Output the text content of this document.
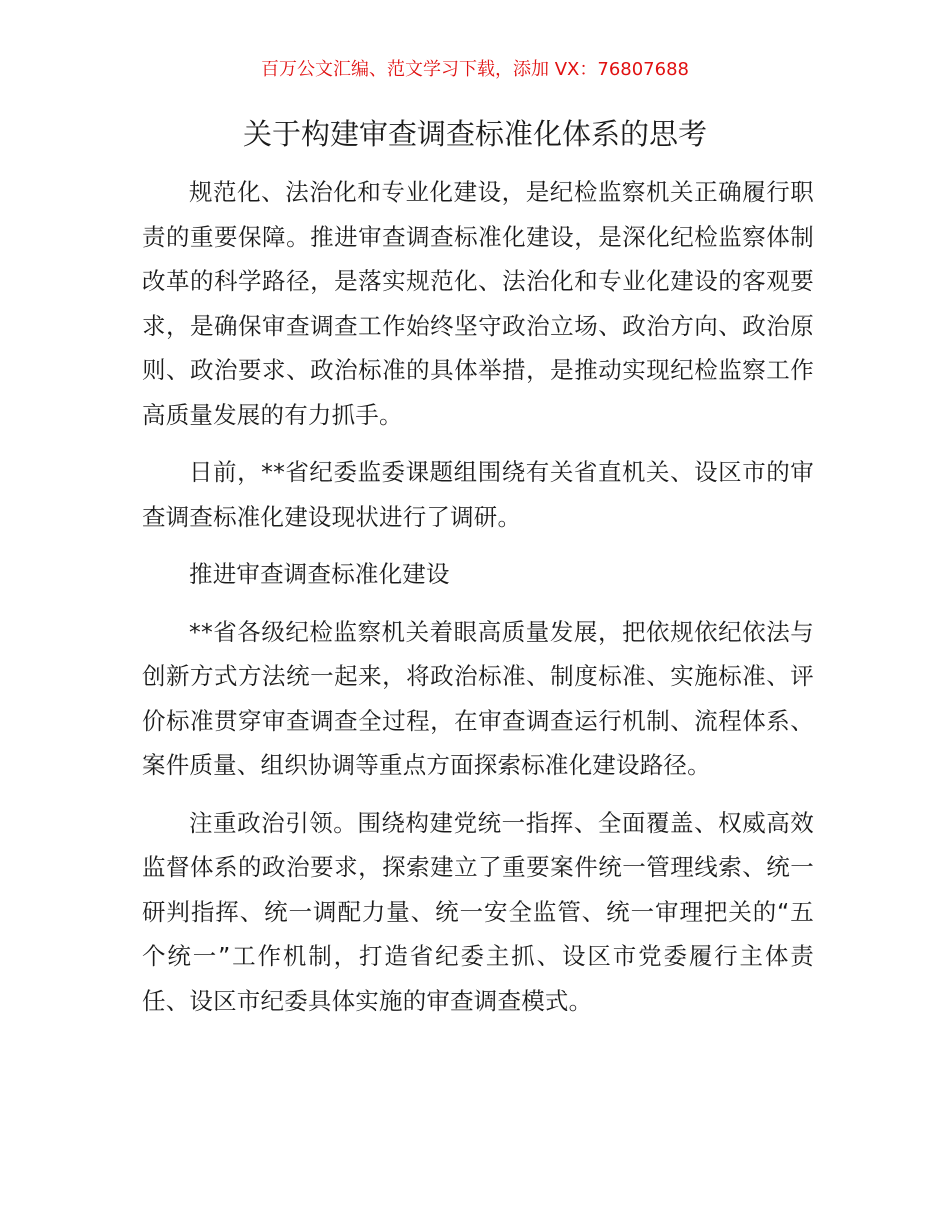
百万公文汇编、范文学习下载，添加 VX：76807688
关于构建审查调查标准化体系的思考

规范化、法治化和专业化建设，是纪检监察机关正确履行职责的重要保障。推进审查调查标准化建设，是深化纪检监察体制改革的科学路径，是落实规范化、法治化和专业化建设的客观要求，是确保审查调查工作始终坚守政治立场、政治方向、政治原则、政治要求、政治标准的具体举措，是推动实现纪检监察工作高质量发展的有力抓手。

日前，**省纪委监委课题组围绕有关省直机关、设区市的审查调查标准化建设现状进行了调研。

推进审查调查标准化建设

**省各级纪检监察机关着眼高质量发展，把依规依纪依法与创新方式方法统一起来，将政治标准、制度标准、实施标准、评价标准贯穿审查调查全过程，在审查调查运行机制、流程体系、案件质量、组织协调等重点方面探索标准化建设路径。

注重政治引领。围绕构建党统一指挥、全面覆盖、权威高效监督体系的政治要求，探索建立了重要案件统一管理线索、统一研判指挥、统一调配力量、统一安全监管、统一审理把关的“五个统一”工作机制，打造省纪委主抓、设区市党委履行主体责任、设区市纪委具体实施的审查调查模式。
